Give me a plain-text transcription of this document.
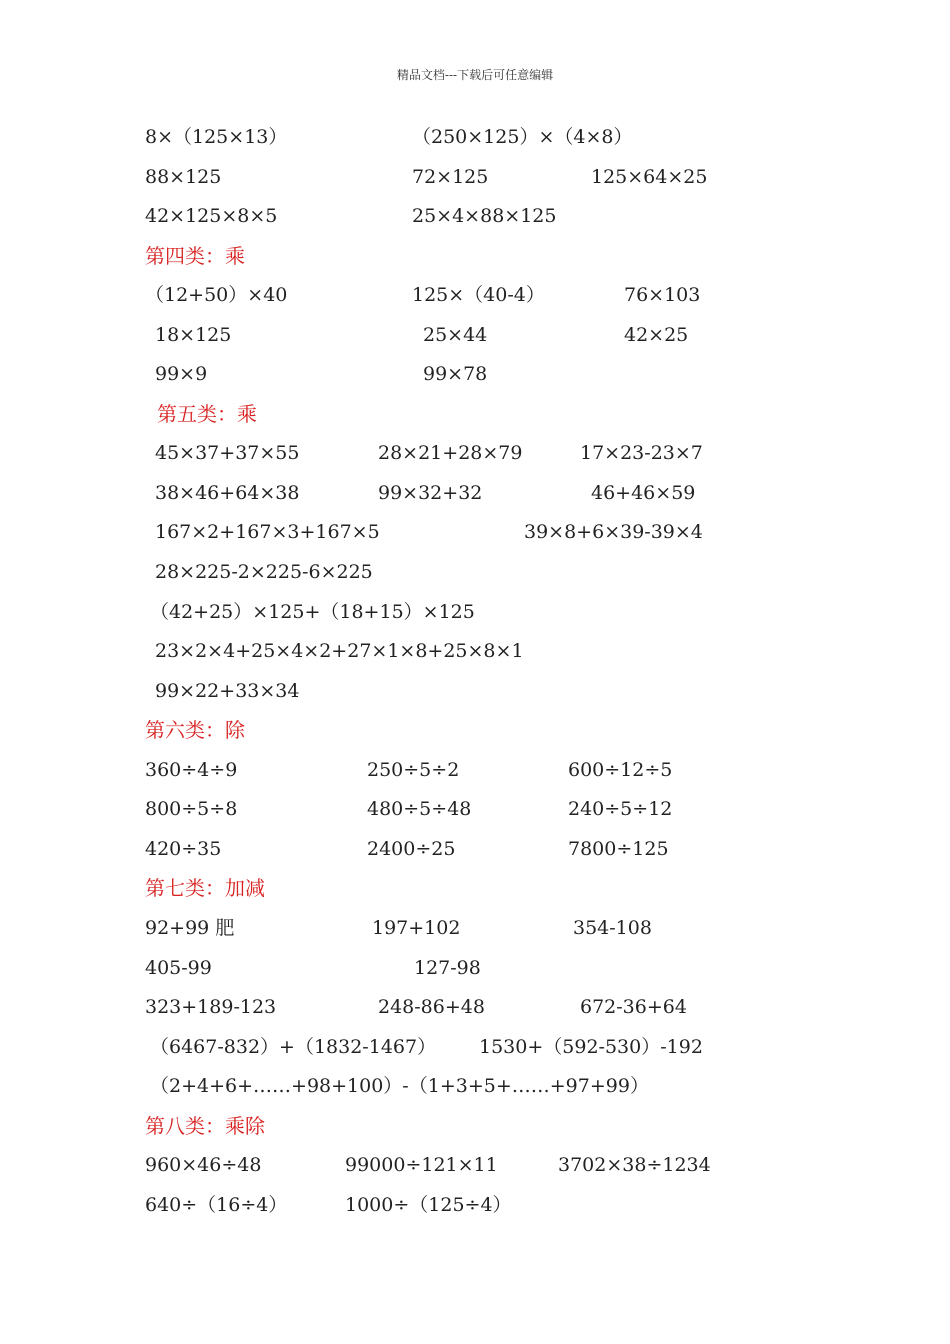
精品文档---下载后可任意编辑
8×（125×13）	（250×125）×（4×8）
88×125	72×125	125×64×25
42×125×8×5	25×4×88×125
第四类：乘
（12+50）×40	125×（40-4）	76×103
18×125	25×44	42×25
99×9	99×78
第五类：乘
45×37+37×55	28×21+28×79	17×23-23×7
38×46+64×38	99×32+32	46+46×59
167×2+167×3+167×5	39×8+6×39-39×4
28×225-2×225-6×225
（42+25）×125+（18+15）×125
23×2×4+25×4×2+27×1×8+25×8×1
99×22+33×34
第六类：除
360÷4÷9	250÷5÷2	600÷12÷5
800÷5÷8	480÷5÷48	240÷5÷12
420÷35	2400÷25	7800÷125
第七类：加减
92+99 肥	197+102	354-108
405-99	127-98
323+189-123	248-86+48	672-36+64
（6467-832）+（1832-1467） 1530+（592-530）-192
（2+4+6+……+98+100）-（1+3+5+……+97+99）
第八类：乘除
960×46÷48	99000÷121×11	3702×38÷1234
640÷（16÷4）	1000÷（125÷4）
